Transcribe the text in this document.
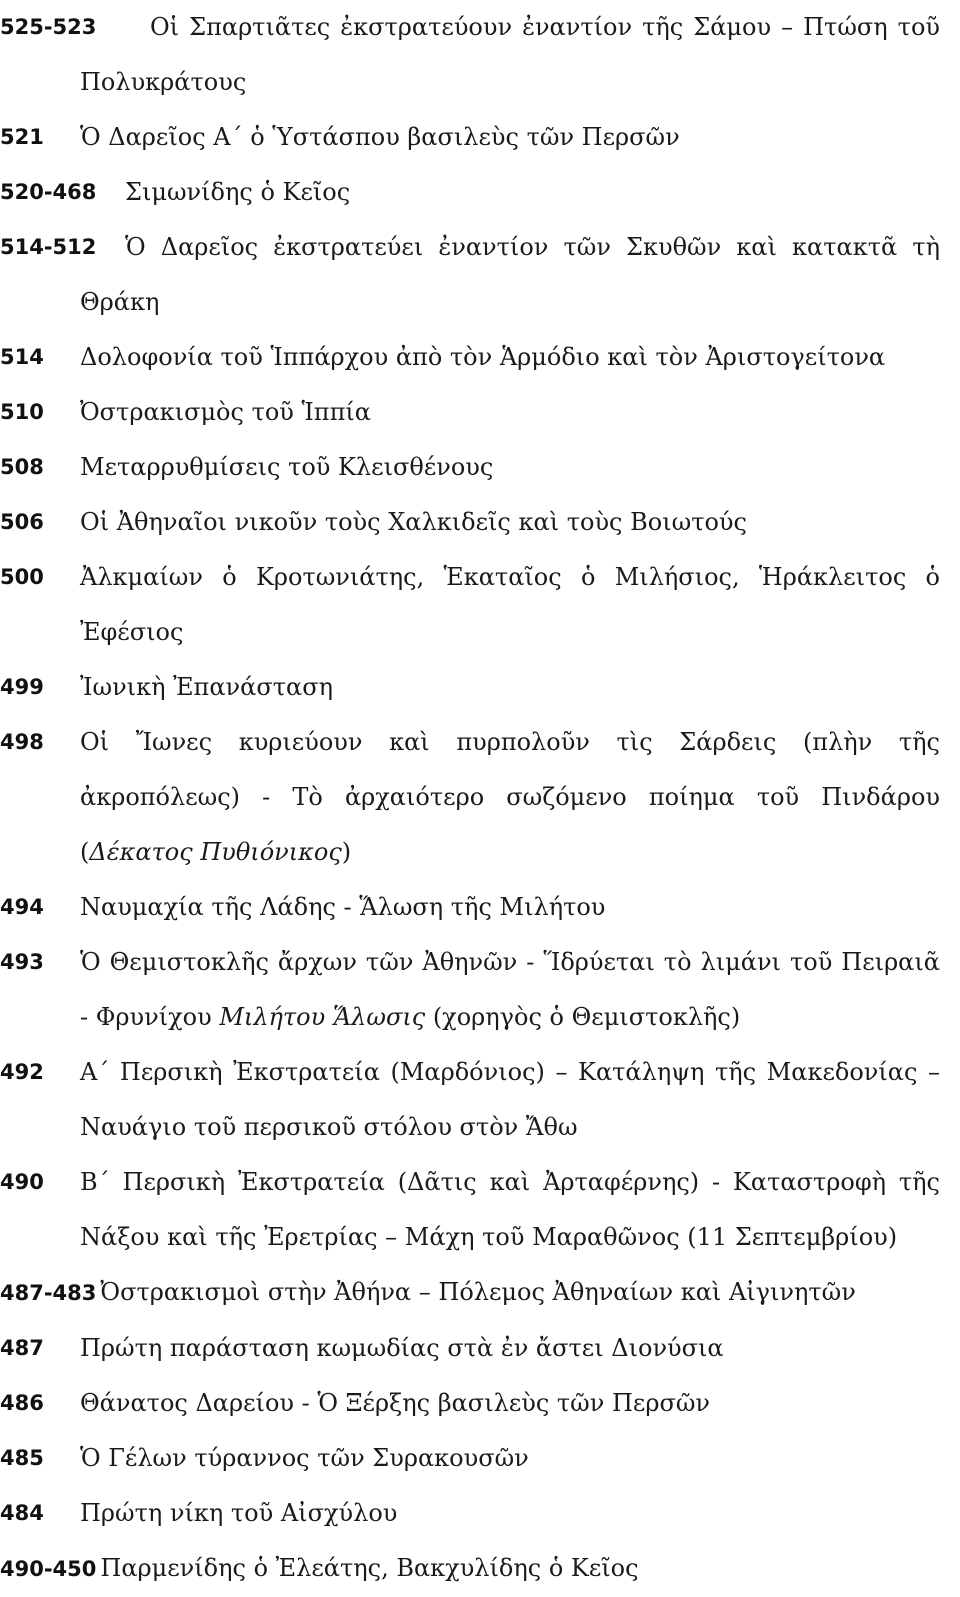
525-523	Οἱ Σπαρτιᾶτες ἐκστρατεύουν ἐναντίον τῆς Σάμου – Πτώση τοῦ Πολυκράτους
521 Ὁ Δαρεῖος Α΄ ὁ Ὑστάσπου βασιλεὺς τῶν Περσῶν
520-468 Σιμωνίδης ὁ Κεῖος
514-512	Ὁ Δαρεῖος ἐκστρατεύει ἐναντίον τῶν Σκυθῶν καὶ κατακτᾶ τὴ Θράκη
514 Δολοφονία τοῦ Ἱππάρχου ἀπὸ τὸν Ἁρμόδιο καὶ τὸν Ἀριστογείτονα
510 Ὀστρακισμὸς τοῦ Ἱππία
508 Μεταρρυθμίσεις τοῦ Κλεισθένους
506 Οἱ Ἀθηναῖοι νικοῦν τοὺς Χαλκιδεῖς καὶ τοὺς Βοιωτούς
500 Ἀλκμαίων ὁ Κροτωνιάτης, Ἑκαταῖος ὁ Μιλήσιος, Ἡράκλειτος ὁ Ἐφέσιος
499 Ἰωνικὴ Ἐπανάσταση
498 Οἱ Ἴωνες κυριεύουν καὶ πυρπολοῦν τὶς Σάρδεις (πλὴν τῆς ἀκροπόλεως) - Τὸ ἀρχαιότερο σωζόμενο ποίημα τοῦ Πινδάρου (Δέκατος Πυθιόνικος)
494 Ναυμαχία τῆς Λάδης - Ἅλωση τῆς Μιλήτου
493 Ὁ Θεμιστοκλῆς ἄρχων τῶν Ἀθηνῶν - Ἵδρύεται τὸ λιμάνι τοῦ Πειραιᾶ - Φρυνίχου Μιλήτου Ἅλωσις (χορηγὸς ὁ Θεμιστοκλῆς)
492 Α΄ Περσικὴ Ἐκστρατεία (Μαρδόνιος) – Κατάληψη τῆς Μακεδονίας – Ναυάγιο τοῦ περσικοῦ στόλου στὸν Ἄθω
490 Β΄ Περσικὴ Ἐκστρατεία (Δᾶτις καὶ Ἀρταφέρνης) - Καταστροφὴ τῆς Νάξου καὶ τῆς Ἐρετρίας – Μάχη τοῦ Μαραθῶνος (11 Σεπτεμβρίου)
487-483 Ὀστρακισμοὶ στὴν Ἀθήνα – Πόλεμος Ἀθηναίων καὶ Αἰγινητῶν
487 Πρώτη παράσταση κωμωδίας στὰ ἐν ἄστει Διονύσια
486 Θάνατος Δαρείου - Ὁ Ξέρξης βασιλεὺς τῶν Περσῶν
485 Ὁ Γέλων τύραννος τῶν Συρακουσῶν
484 Πρώτη νίκη τοῦ Αἰσχύλου
490-450 Παρμενίδης ὁ Ἐλεάτης, Βακχυλίδης ὁ Κεῖος
